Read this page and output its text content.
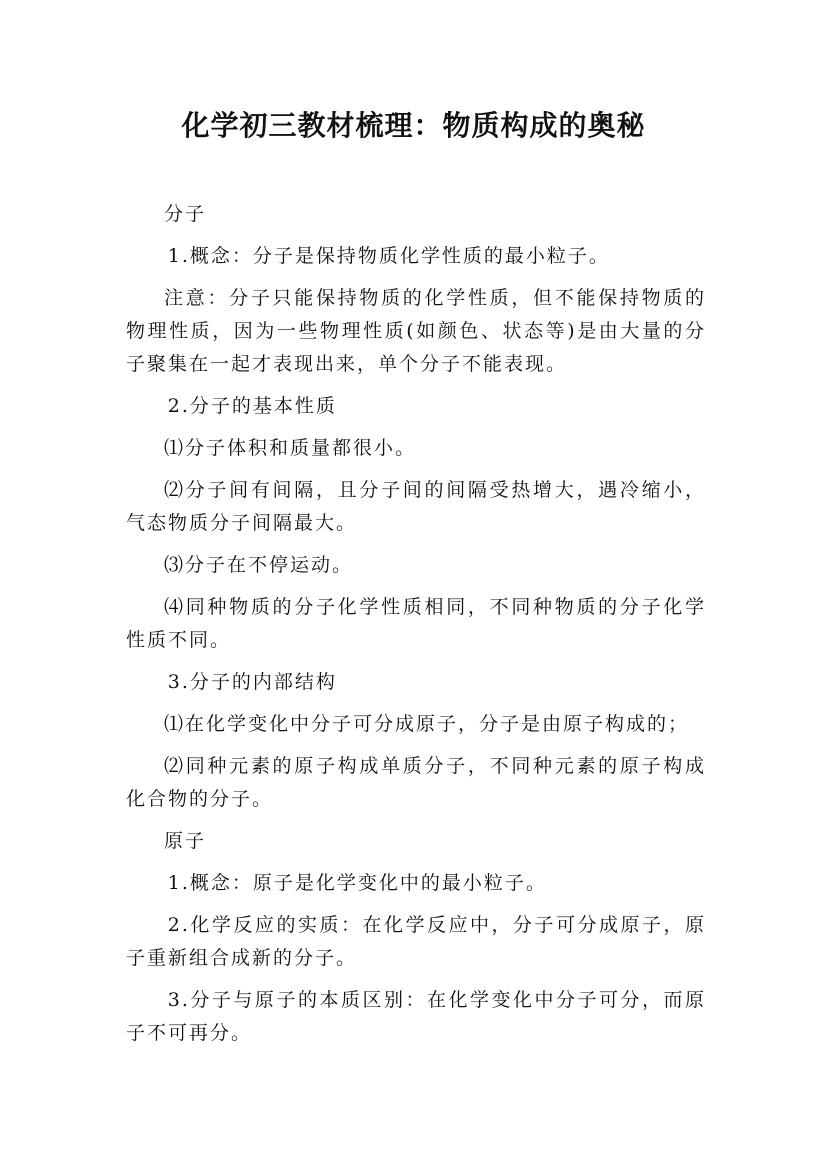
化学初三教材梳理：物质构成的奥秘

分子

1.概念：分子是保持物质化学性质的最小粒子。

注意：分子只能保持物质的化学性质，但不能保持物质的物理性质，因为一些物理性质(如颜色、状态等)是由大量的分子聚集在一起才表现出来，单个分子不能表现。

2.分子的基本性质

⑴分子体积和质量都很小。

⑵分子间有间隔，且分子间的间隔受热增大，遇冷缩小，气态物质分子间隔最大。

⑶分子在不停运动。

⑷同种物质的分子化学性质相同，不同种物质的分子化学性质不同。

3.分子的内部结构

⑴在化学变化中分子可分成原子，分子是由原子构成的；

⑵同种元素的原子构成单质分子，不同种元素的原子构成化合物的分子。

原子

1.概念：原子是化学变化中的最小粒子。

2.化学反应的实质：在化学反应中，分子可分成原子，原子重新组合成新的分子。

3.分子与原子的本质区别：在化学变化中分子可分，而原子不可再分。
